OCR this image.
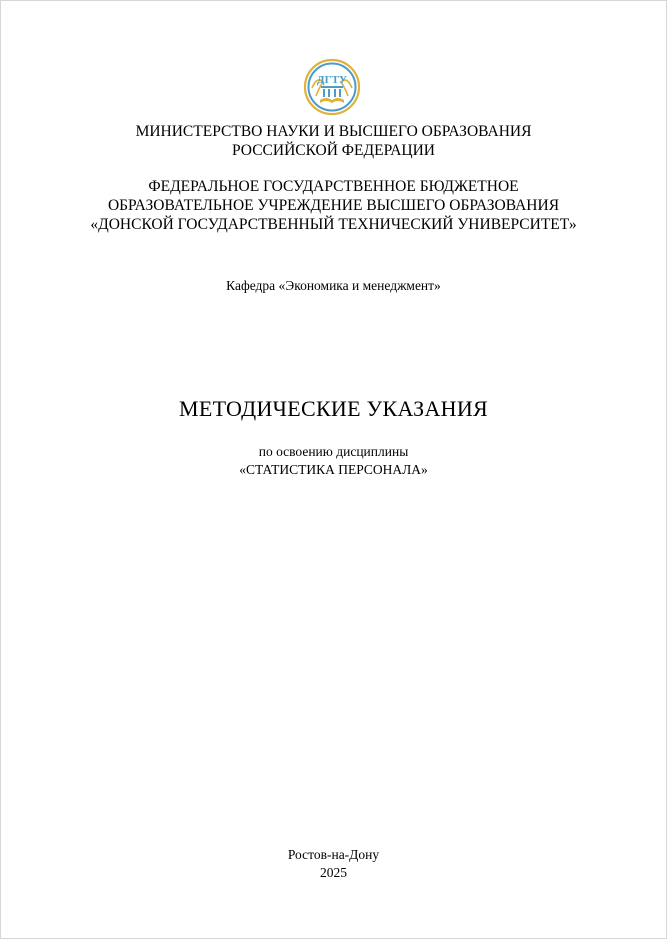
ДГТУ
МИНИСТЕРСТВО НАУКИ И ВЫСШЕГО ОБРАЗОВАНИЯ
РОССИЙСКОЙ ФЕДЕРАЦИИ
ФЕДЕРАЛЬНОЕ ГОСУДАРСТВЕННОЕ БЮДЖЕТНОЕ
ОБРАЗОВАТЕЛЬНОЕ УЧРЕЖДЕНИЕ ВЫСШЕГО ОБРАЗОВАНИЯ
«ДОНСКОЙ ГОСУДАРСТВЕННЫЙ ТЕХНИЧЕСКИЙ УНИВЕРСИТЕТ»
Кафедра «Экономика и менеджмент»
МЕТОДИЧЕСКИЕ УКАЗАНИЯ
по освоению дисциплины
«СТАТИСТИКА ПЕРСОНАЛА»
Ростов-на-Дону
2025
